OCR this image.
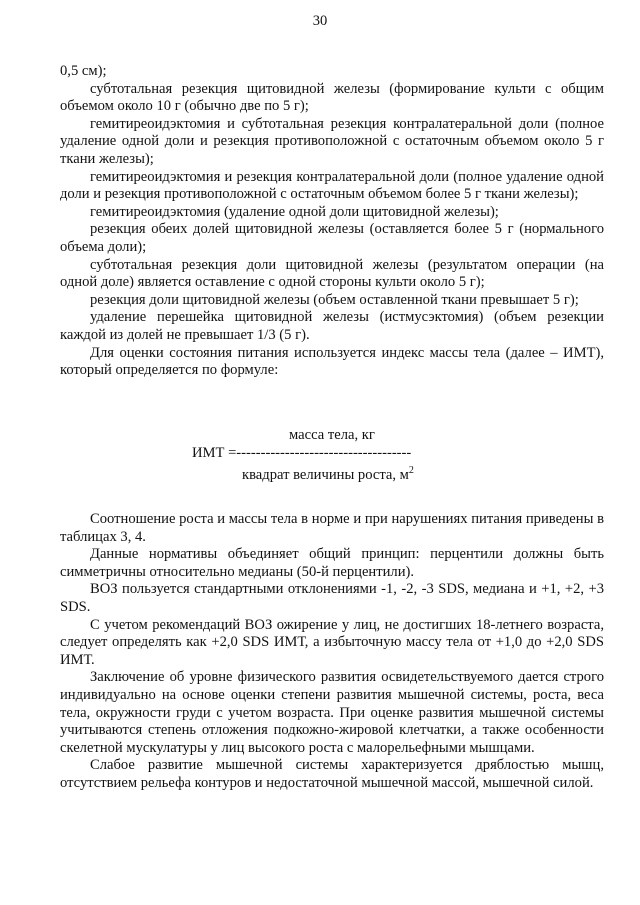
30

0,5 см);

субтотальная резекция щитовидной железы (формирование культи с общим объемом около 10 г (обычно две по 5 г);

гемитиреоидэктомия и субтотальная резекция контралатеральной доли (полное удаление одной доли и резекция противоположной с остаточным объемом около 5 г ткани железы);

гемитиреоидэктомия и резекция контралатеральной доли (полное удаление одной доли и резекция противоположной с остаточным объемом более 5 г ткани железы);

гемитиреоидэктомия (удаление одной доли щитовидной железы);

резекция обеих долей щитовидной железы (оставляется более 5 г (нормального объема доли);

субтотальная резекция доли щитовидной железы (результатом операции (на одной доле) является оставление с одной стороны культи около 5 г);

резекция доли щитовидной железы (объем оставленной ткани превышает 5 г);

удаление перешейка щитовидной железы (истмусэктомия) (объем резекции каждой из долей не превышает 1/3 (5 г).

Для оценки состояния питания используется индекс массы тела (далее – ИМТ), который определяется по формуле:

масса тела, кг
ИМТ =------------------------------------
квадрат величины роста, $м^2$

Соотношение роста и массы тела в норме и при нарушениях питания приведены в таблицах 3, 4.

Данные нормативы объединяет общий принцип: перцентили должны быть симметричны относительно медианы (50-й перцентили).

ВОЗ пользуется стандартными отклонениями -1, -2, -3 SDS, медиана и +1, +2, +3 SDS.

С учетом рекомендаций ВОЗ ожирение у лиц, не достигших 18-летнего возраста, следует определять как +2,0 SDS ИМТ, а избыточную массу тела от +1,0 до +2,0 SDS ИМТ.

Заключение об уровне физического развития освидетельствуемого дается строго индивидуально на основе оценки степени развития мышечной системы, роста, веса тела, окружности груди с учетом возраста. При оценке развития мышечной системы учитываются степень отложения подкожно-жировой клетчатки, а также особенности скелетной мускулатуры у лиц высокого роста с малорельефными мышцами.

Слабое развитие мышечной системы характеризуется дряблостью мышц, отсутствием рельефа контуров и недостаточной мышечной массой, мышечной силой.
